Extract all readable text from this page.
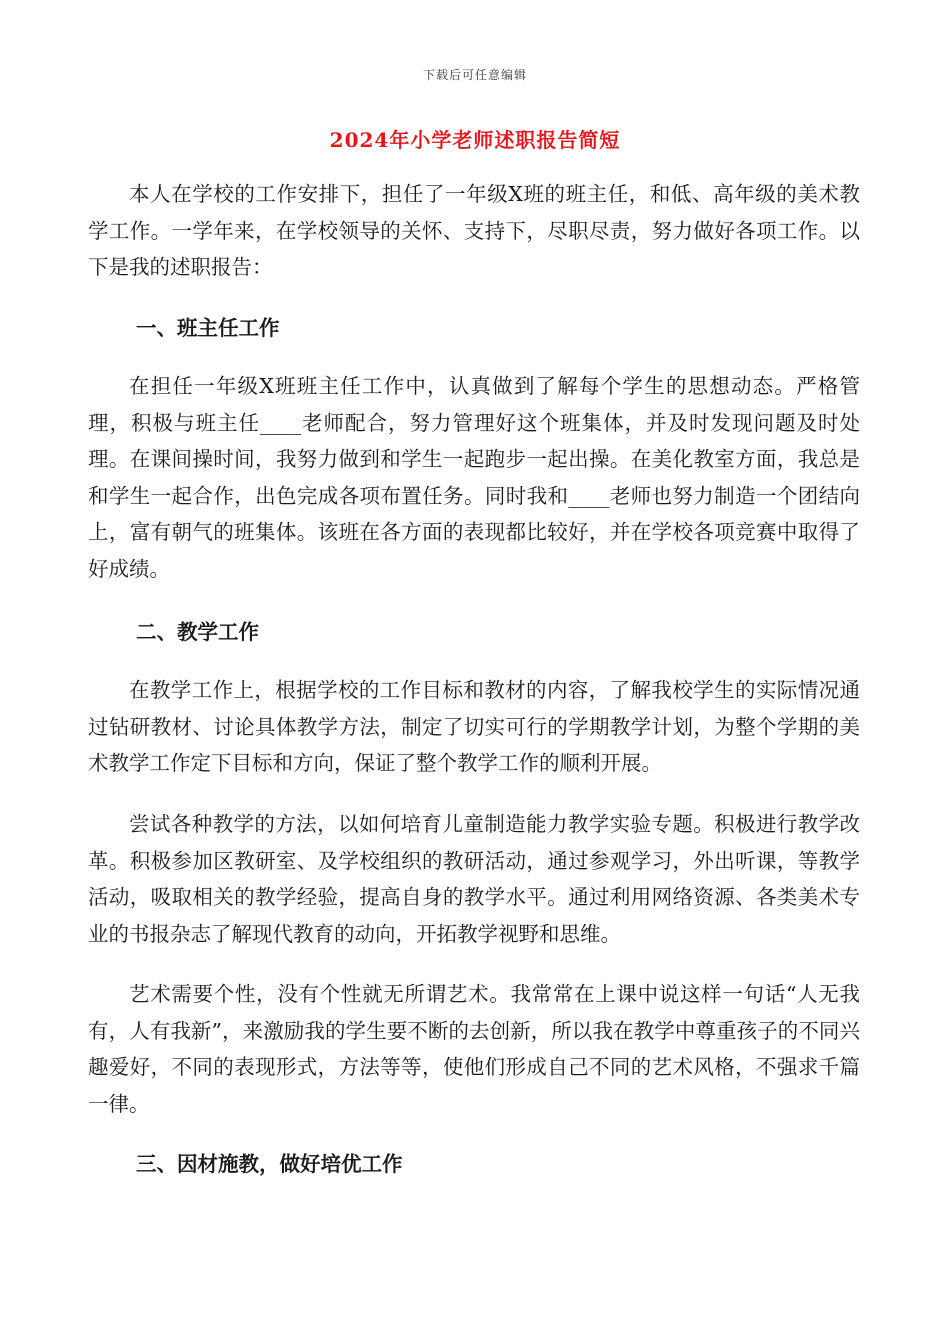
下载后可任意编辑
2024年小学老师述职报告简短

本人在学校的工作安排下，担任了一年级X班的班主任，和低、高年级的美术教学工作。一学年来，在学校领导的关怀、支持下，尽职尽责，努力做好各项工作。以下是我的述职报告：

一、班主任工作

在担任一年级X班班主任工作中，认真做到了解每个学生的思想动态。严格管理，积极与班主任____老师配合，努力管理好这个班集体，并及时发现问题及时处理。在课间操时间，我努力做到和学生一起跑步一起出操。在美化教室方面，我总是和学生一起合作，出色完成各项布置任务。同时我和____老师也努力制造一个团结向上，富有朝气的班集体。该班在各方面的表现都比较好，并在学校各项竞赛中取得了好成绩。

二、教学工作

在教学工作上，根据学校的工作目标和教材的内容，了解我校学生的实际情况通过钻研教材、讨论具体教学方法，制定了切实可行的学期教学计划，为整个学期的美术教学工作定下目标和方向，保证了整个教学工作的顺利开展。

尝试各种教学的方法，以如何培育儿童制造能力教学实验专题。积极进行教学改革。积极参加区教研室、及学校组织的教研活动，通过参观学习，外出听课，等教学活动，吸取相关的教学经验，提高自身的教学水平。通过利用网络资源、各类美术专业的书报杂志了解现代教育的动向，开拓教学视野和思维。

艺术需要个性，没有个性就无所谓艺术。我常常在上课中说这样一句话“人无我有，人有我新”，来激励我的学生要不断的去创新，所以我在教学中尊重孩子的不同兴趣爱好，不同的表现形式，方法等等，使他们形成自己不同的艺术风格，不强求千篇一律。

三、因材施教，做好培优工作
